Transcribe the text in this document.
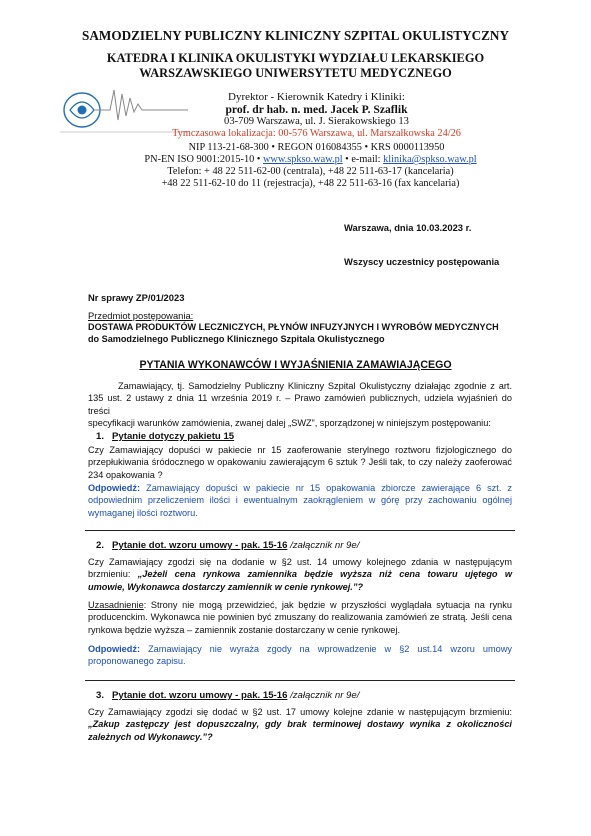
SAMODZIELNY PUBLICZNY KLINICZNY SZPITAL OKULISTYCZNY
KATEDRA I KLINIKA OKULISTYKI WYDZIAŁU LEKARSKIEGO
WARSZAWSKIEGO UNIWERSYTETU MEDYCZNEGO
Dyrektor - Kierownik Katedry i Kliniki:
prof. dr hab. n. med. Jacek P. Szaflik
03-709 Warszawa, ul. J. Sierakowskiego 13
Tymczasowa lokalizacja: 00-576 Warszawa, ul. Marszałkowska 24/26
NIP 113-21-68-300 • REGON 016084355 • KRS 0000113950
PN-EN ISO 9001:2015-10 • www.spkso.waw.pl • e-mail: klinika@spkso.waw.pl
Telefon: + 48 22 511-62-00 (centrala), +48 22 511-63-17 (kancelaria)
+48 22 511-62-10 do 11 (rejestracja), +48 22 511-63-16 (fax kancelaria)
Warszawa, dnia 10.03.2023 r.
Wszyscy uczestnicy postępowania
Nr sprawy ZP/01/2023
Przedmiot postępowania:
DOSTAWA PRODUKTÓW LECZNICZYCH, PŁYNÓW INFUZYJNYCH I WYROBÓW MEDYCZNYCH
do Samodzielnego Publicznego Klinicznego Szpitala Okulistycznego
PYTANIA WYKONAWCÓW I WYJAŚNIENIA ZAMAWIAJĄCEGO
Zamawiający, tj. Samodzielny Publiczny Kliniczny Szpital Okulistyczny działając zgodnie z art.
135 ust. 2 ustawy z dnia 11 września 2019 r. – Prawo zamówień publicznych, udziela wyjaśnień do treści
specyfikacji warunków zamówienia, zwanej dalej „SWZ”, sporządzonej w niniejszym postępowaniu:
1. Pytanie dotyczy pakietu 15
Czy Zamawiający dopuści w pakiecie nr 15 zaoferowanie sterylnego roztworu fizjologicznego do
przepłukiwania śródocznego w opakowaniu zawierającym 6 sztuk ? Jeśli tak, to czy należy zaoferować
234 opakowania ?
Odpowiedź: Zamawiający dopuści w pakiecie nr 15 opakowania zbiorcze zawierające 6 szt. z
odpowiednim przeliczeniem ilości i ewentualnym zaokrągleniem w górę przy zachowaniu ogólnej
wymaganej ilości roztworu.
2. Pytanie dot. wzoru umowy - pak. 15-16 /załącznik nr 9e/
Czy Zamawiający zgodzi się na dodanie w §2 ust. 14 umowy kolejnego zdania w następującym
brzmieniu: „Jeżeli cena rynkowa zamiennika będzie wyższa niż cena towaru ujętego w
umowie, Wykonawca dostarczy zamiennik w cenie rynkowej.”?
Uzasadnienie: Strony nie mogą przewidzieć, jak będzie w przyszłości wyglądała sytuacja na rynku
producenckim. Wykonawca nie powinien być zmuszany do realizowania zamówień ze stratą. Jeśli cena
rynkowa będzie wyższa – zamiennik zostanie dostarczany w cenie rynkowej.
Odpowiedź: Zamawiający nie wyraża zgody na wprowadzenie w §2 ust.14 wzoru umowy
proponowanego zapisu.
3. Pytanie dot. wzoru umowy - pak. 15-16 /załącznik nr 9e/
Czy Zamawiający zgodzi się dodać w §2 ust. 17 umowy kolejne zdanie w następującym brzmieniu:
„Zakup zastępczy jest dopuszczalny, gdy brak terminowej dostawy wynika z okoliczności
zależnych od Wykonawcy.”?
